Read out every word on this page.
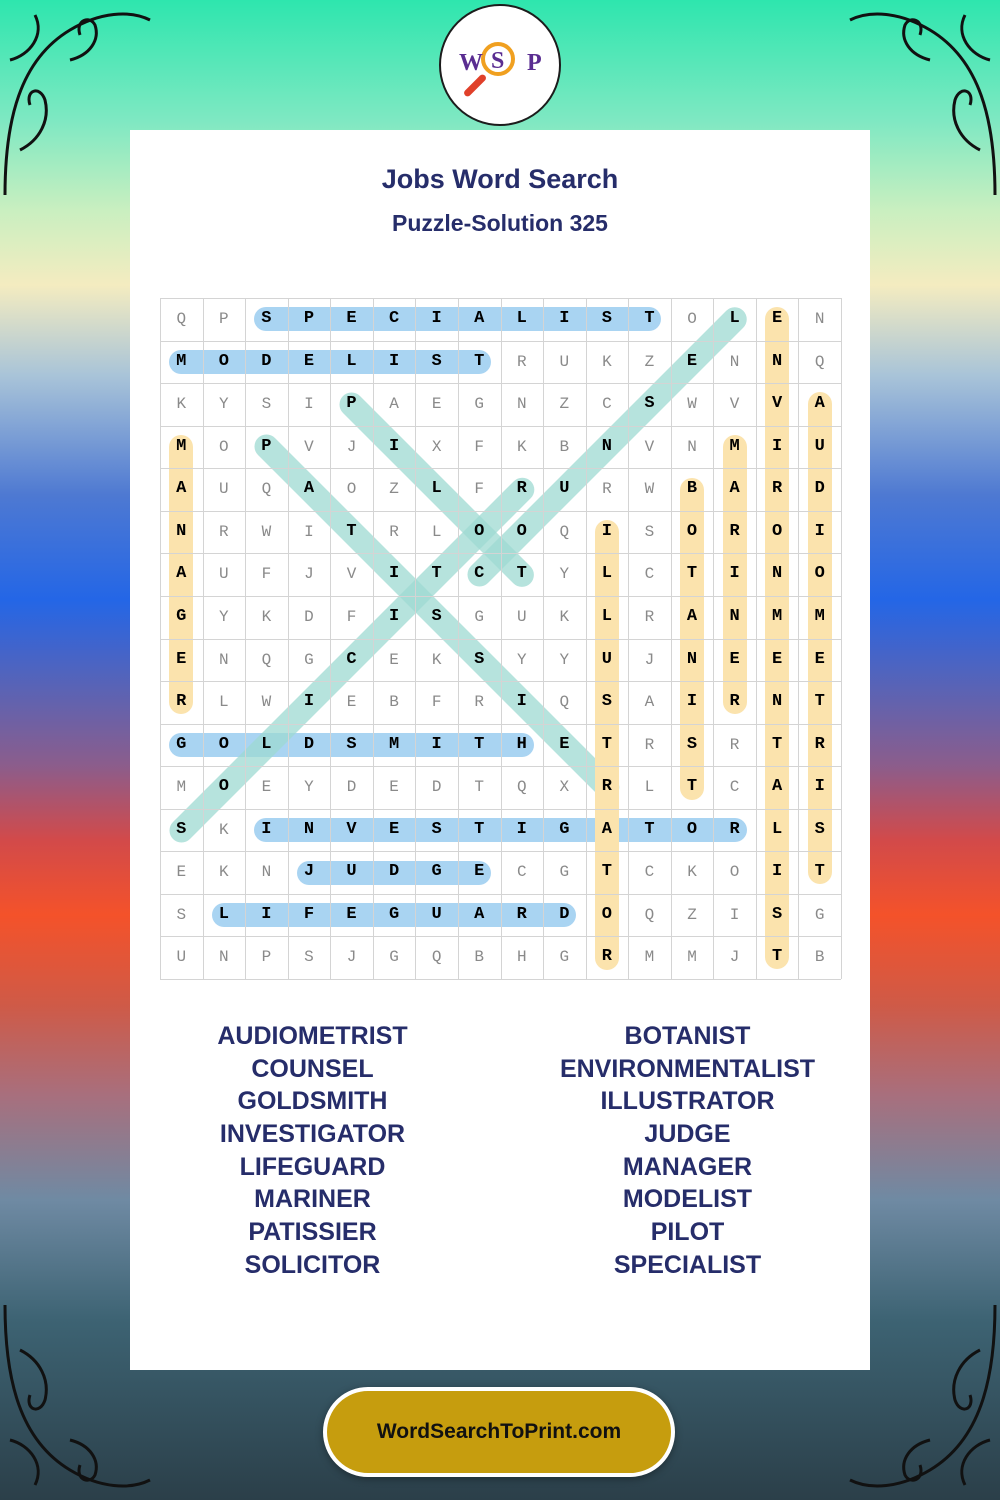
W S P
Jobs Word Search
Puzzle-Solution 325
Q	P	S	P	E	C	I	A	L	I	S	T	O	L	E	N
M	O	D	E	L	I	S	T	R	U	K	Z	E	N	N	Q
K	Y	S	I	P	A	E	G	N	Z	C	S	W	V	V	A
M	O	P	V	J	I	X	F	K	B	N	V	N	M	I	U
A	U	Q	A	O	Z	L	F	R	U	R	W	B	A	R	D
N	R	W	I	T	R	L	O	O	Q	I	S	O	R	O	I
A	U	F	J	V	I	T	C	T	Y	L	C	T	I	N	O
G	Y	K	D	F	I	S	G	U	K	L	R	A	N	M	M
E	N	Q	G	C	E	K	S	Y	Y	U	J	N	E	E	E
R	L	W	I	E	B	F	R	I	Q	S	A	I	R	N	T
G	O	L	D	S	M	I	T	H	E	T	R	S	R	T	R
M	O	E	Y	D	E	D	T	Q	X	R	L	T	C	A	I
S	K	I	N	V	E	S	T	I	G	A	T	O	R	L	S
E	K	N	J	U	D	G	E	C	G	T	C	K	O	I	T
S	L	I	F	E	G	U	A	R	D	O	Q	Z	I	S	G
U	N	P	S	J	G	Q	B	H	G	R	M	M	J	T	B
AUDIOMETRIST
COUNSEL
GOLDSMITH
INVESTIGATOR
LIFEGUARD
MARINER
PATISSIER
SOLICITOR
BOTANIST
ENVIRONMENTALIST
ILLUSTRATOR
JUDGE
MANAGER
MODELIST
PILOT
SPECIALIST
WordSearchToPrint.com
